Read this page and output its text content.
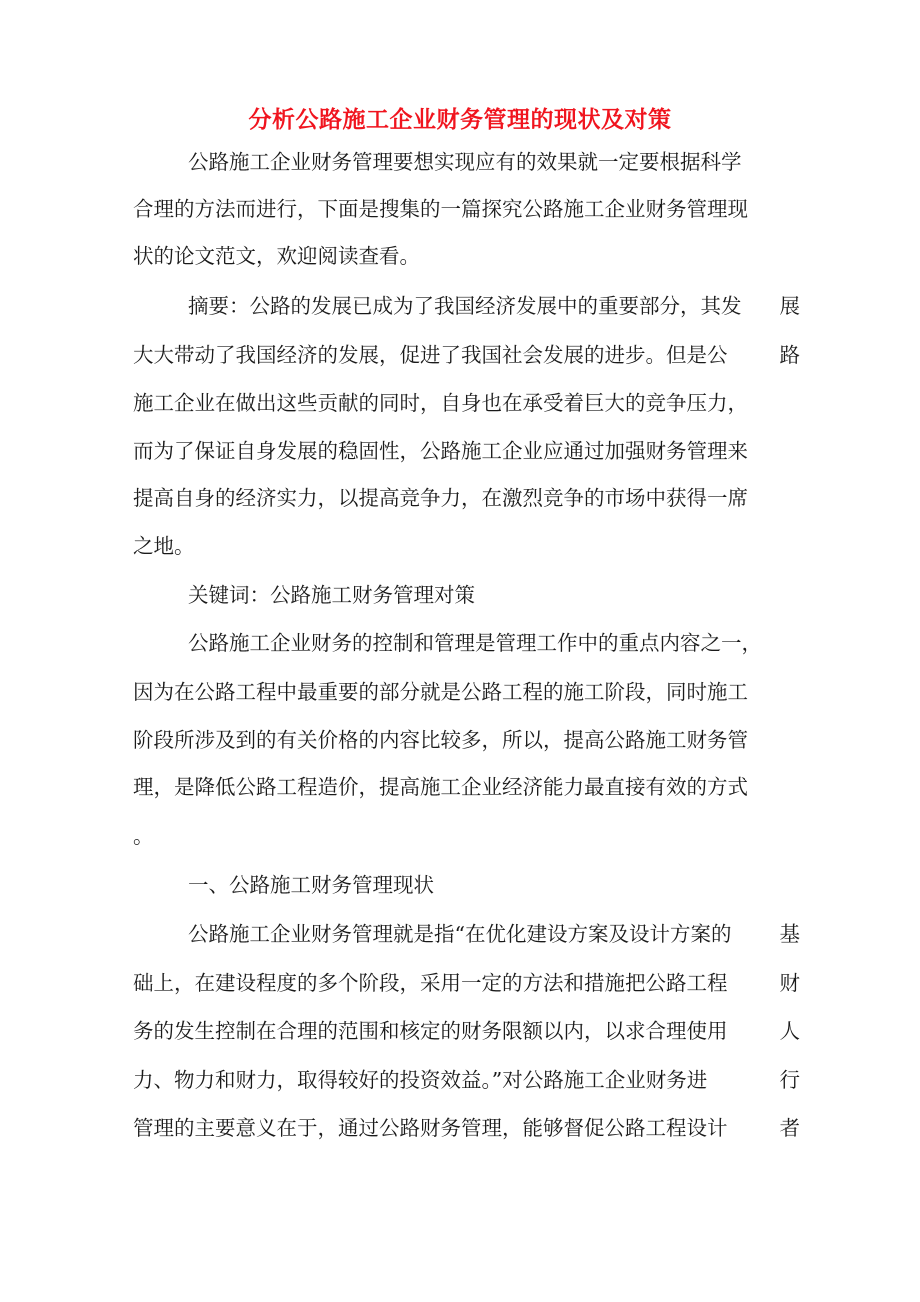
分析公路施工企业财务管理的现状及对策
公路施工企业财务管理要想实现应有的效果就一定要根据科学
合理的方法而进行，下面是搜集的一篇探究公路施工企业财务管理现
状的论文范文，欢迎阅读查看。
摘要：公路的发展已成为了我国经济发展中的重要部分，其发 展
大大带动了我国经济的发展，促进了我国社会发展的进步。但是公	路
施工企业在做出这些贡献的同时，自身也在承受着巨大的竞争压力，
而为了保证自身发展的稳固性，公路施工企业应通过加强财务管理来
提高自身的经济实力，以提高竞争力，在激烈竞争的市场中获得一席
之地。
关键词：公路施工财务管理对策
公路施工企业财务的控制和管理是管理工作中的重点内容之一，
因为在公路工程中最重要的部分就是公路工程的施工阶段，同时施工
阶段所涉及到的有关价格的内容比较多，所以，提高公路施工财务管
理，是降低公路工程造价，提高施工企业经济能力最直接有效的方式
。
一、公路施工财务管理现状
公路施工企业财务管理就是指“在优化建设方案及设计方案的 基
础上，在建设程度的多个阶段，采用一定的方法和措施把公路工程	财
务的发生控制在合理的范围和核定的财务限额以内，以求合理使用	人
力、物力和财力，取得较好的投资效益。”对公路施工企业财务进	行
管理的主要意义在于，通过公路财务管理，能够督促公路工程设计	者
